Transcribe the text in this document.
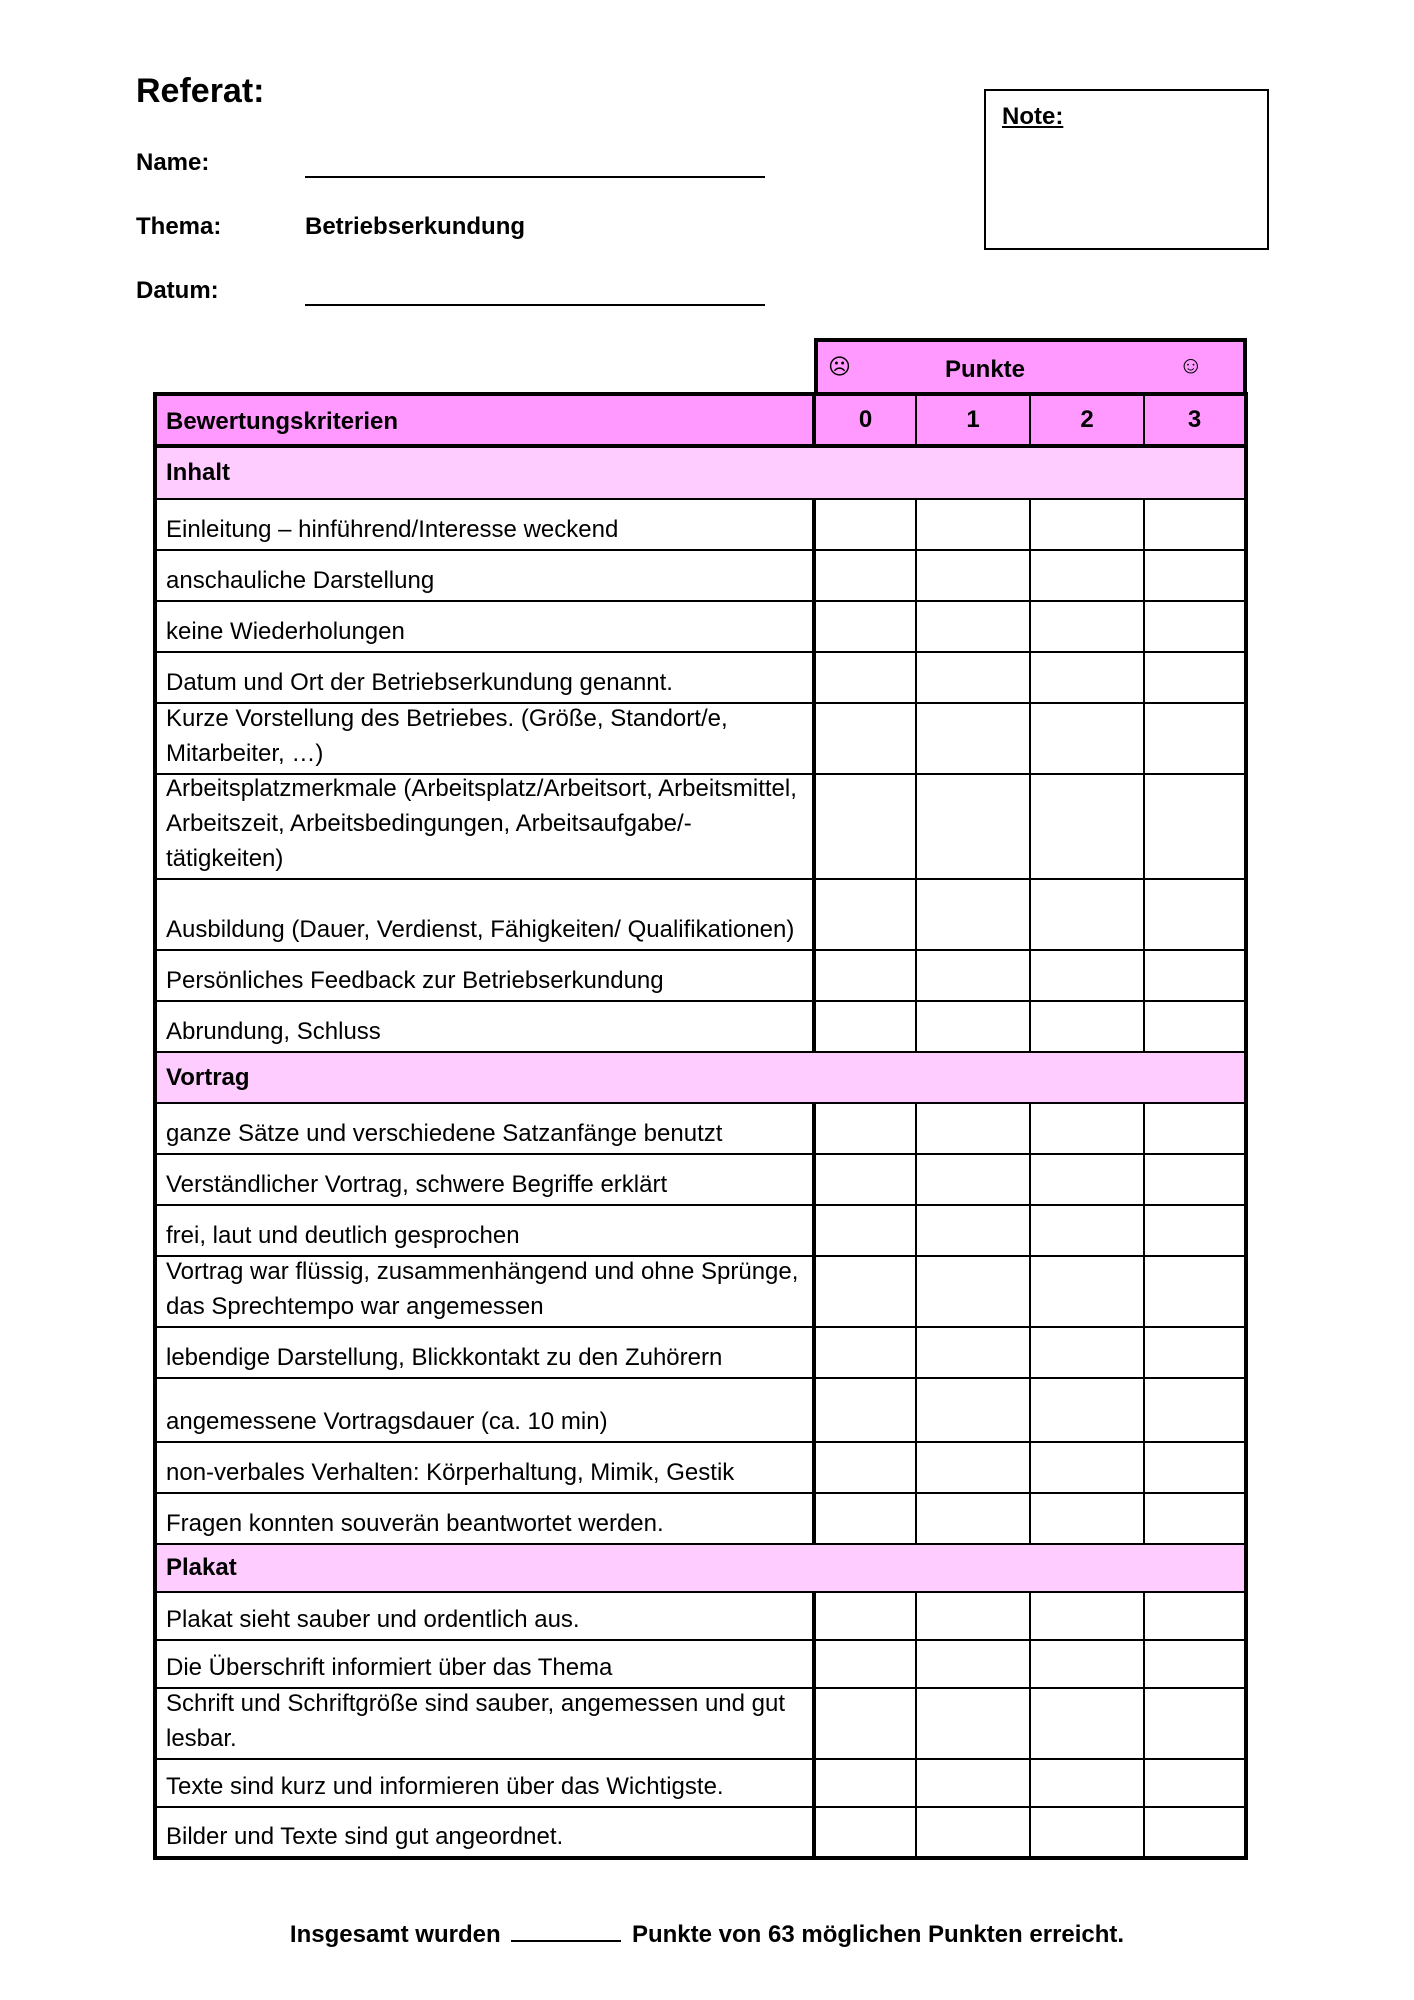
Referat:
Name:
Thema:	Betriebserkundung
Datum:
Note:
☹	Punkte	☺
Bewertungskriterien	0	1	2	3
Inhalt
Einleitung – hinführend/Interesse weckend
anschauliche Darstellung
keine Wiederholungen
Datum und Ort der Betriebserkundung genannt.
Kurze Vorstellung des Betriebes. (Größe, Standort/e, Mitarbeiter, …)
Arbeitsplatzmerkmale (Arbeitsplatz/Arbeitsort, Arbeitsmittel, Arbeitszeit, Arbeitsbedingungen, Arbeitsaufgabe/-tätigkeiten)
Ausbildung (Dauer, Verdienst, Fähigkeiten/ Qualifikationen)
Persönliches Feedback zur Betriebserkundung
Abrundung, Schluss
Vortrag
ganze Sätze und verschiedene Satzanfänge benutzt
Verständlicher Vortrag, schwere Begriffe erklärt
frei, laut und deutlich gesprochen
Vortrag war flüssig, zusammenhängend und ohne Sprünge, das Sprechtempo war angemessen
lebendige Darstellung, Blickkontakt zu den Zuhörern
angemessene Vortragsdauer (ca. 10 min)
non-verbales Verhalten: Körperhaltung, Mimik, Gestik
Fragen konnten souverän beantwortet werden.
Plakat
Plakat sieht sauber und ordentlich aus.
Die Überschrift informiert über das Thema
Schrift und Schriftgröße sind sauber, angemessen und gut lesbar.
Texte sind kurz und informieren über das Wichtigste.
Bilder und Texte sind gut angeordnet.
Insgesamt wurden	Punkte von 63 möglichen Punkten erreicht.
